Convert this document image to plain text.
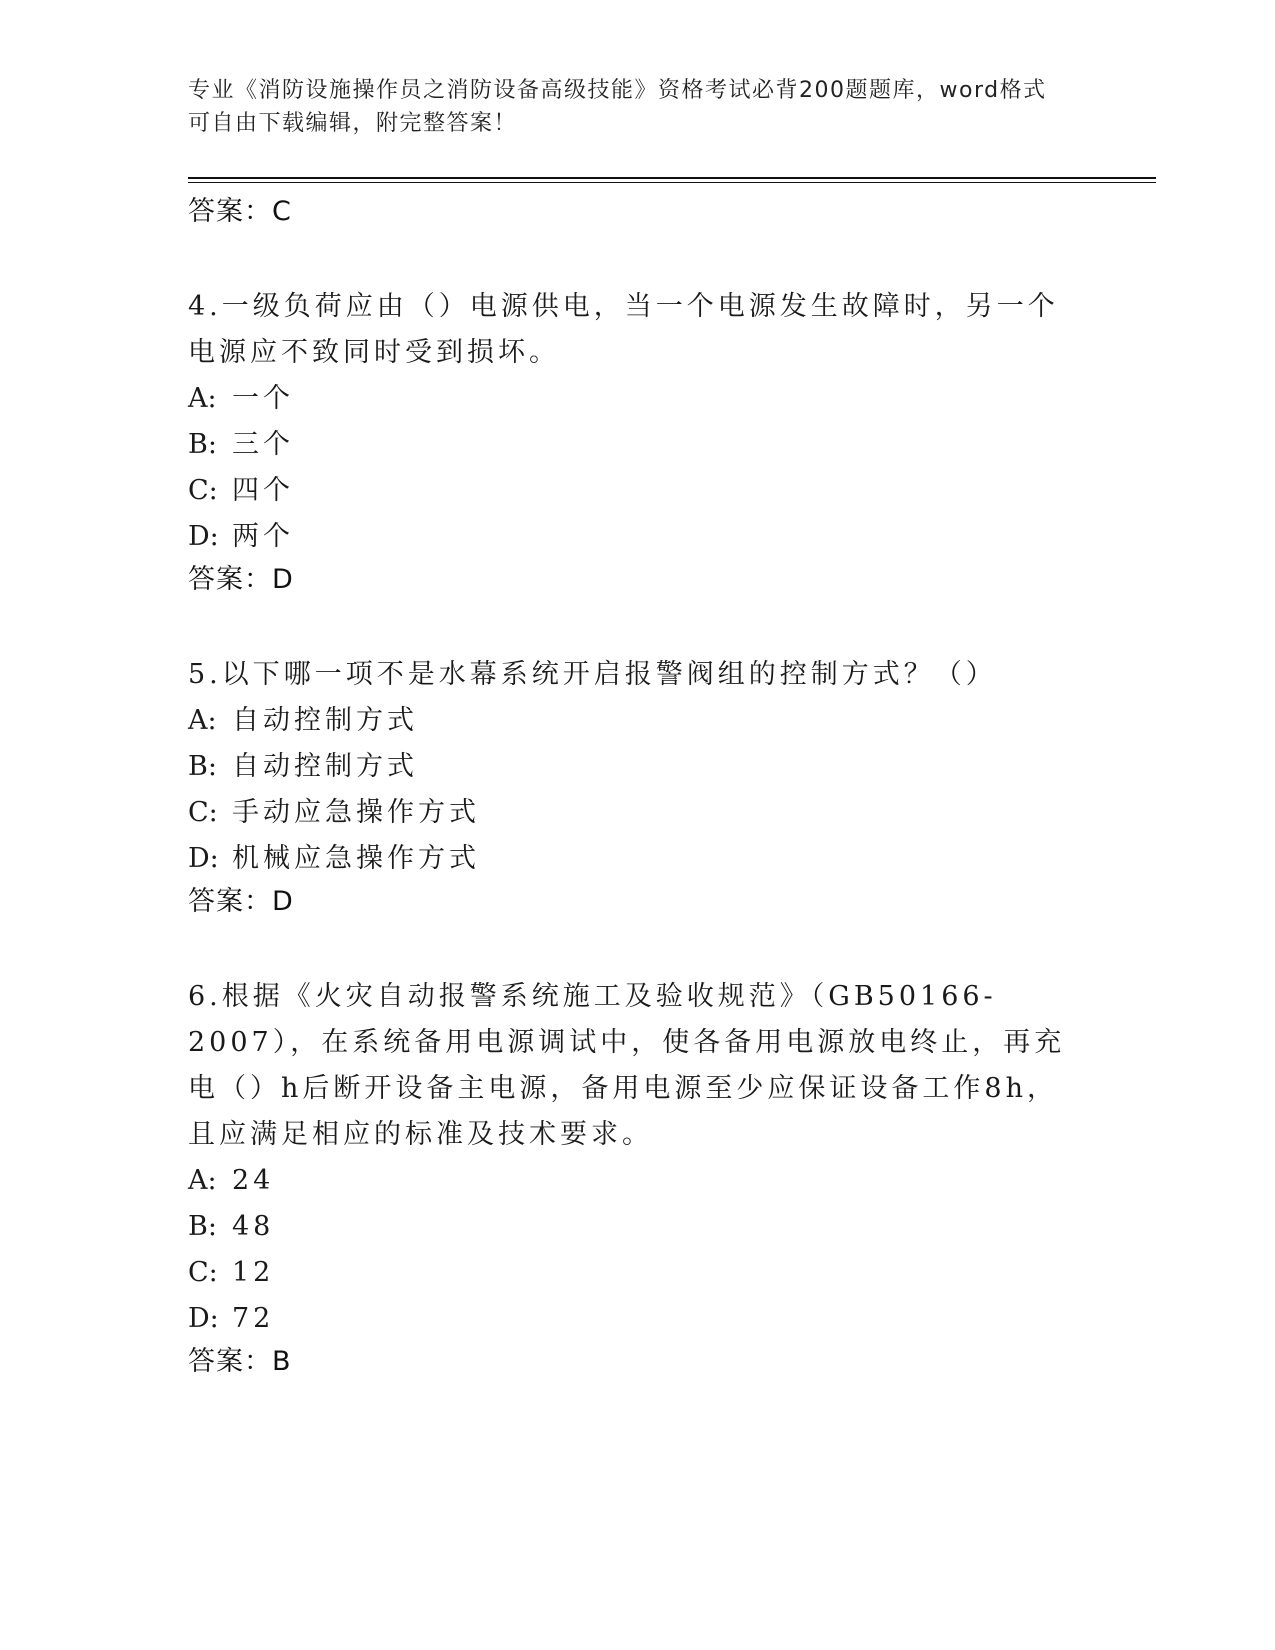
专业《消防设施操作员之消防设备高级技能》资格考试必背200题题库，word格式可自由下载编辑，附完整答案！
答案：C
4.一级负荷应由（）电源供电，当一个电源发生故障时，另一个电源应不致同时受到损坏。
A: 一个
B: 三个
C: 四个
D: 两个
答案：D
5.以下哪一项不是水幕系统开启报警阀组的控制方式？（）
A: 自动控制方式
B: 自动控制方式
C: 手动应急操作方式
D: 机械应急操作方式
答案：D
6.根据《火灾自动报警系统施工及验收规范》（GB50166-2007），在系统备用电源调试中，使各备用电源放电终止，再充电（）h后断开设备主电源，备用电源至少应保证设备工作8h，且应满足相应的标准及技术要求。
A: 24
B: 48
C: 12
D: 72
答案：B
